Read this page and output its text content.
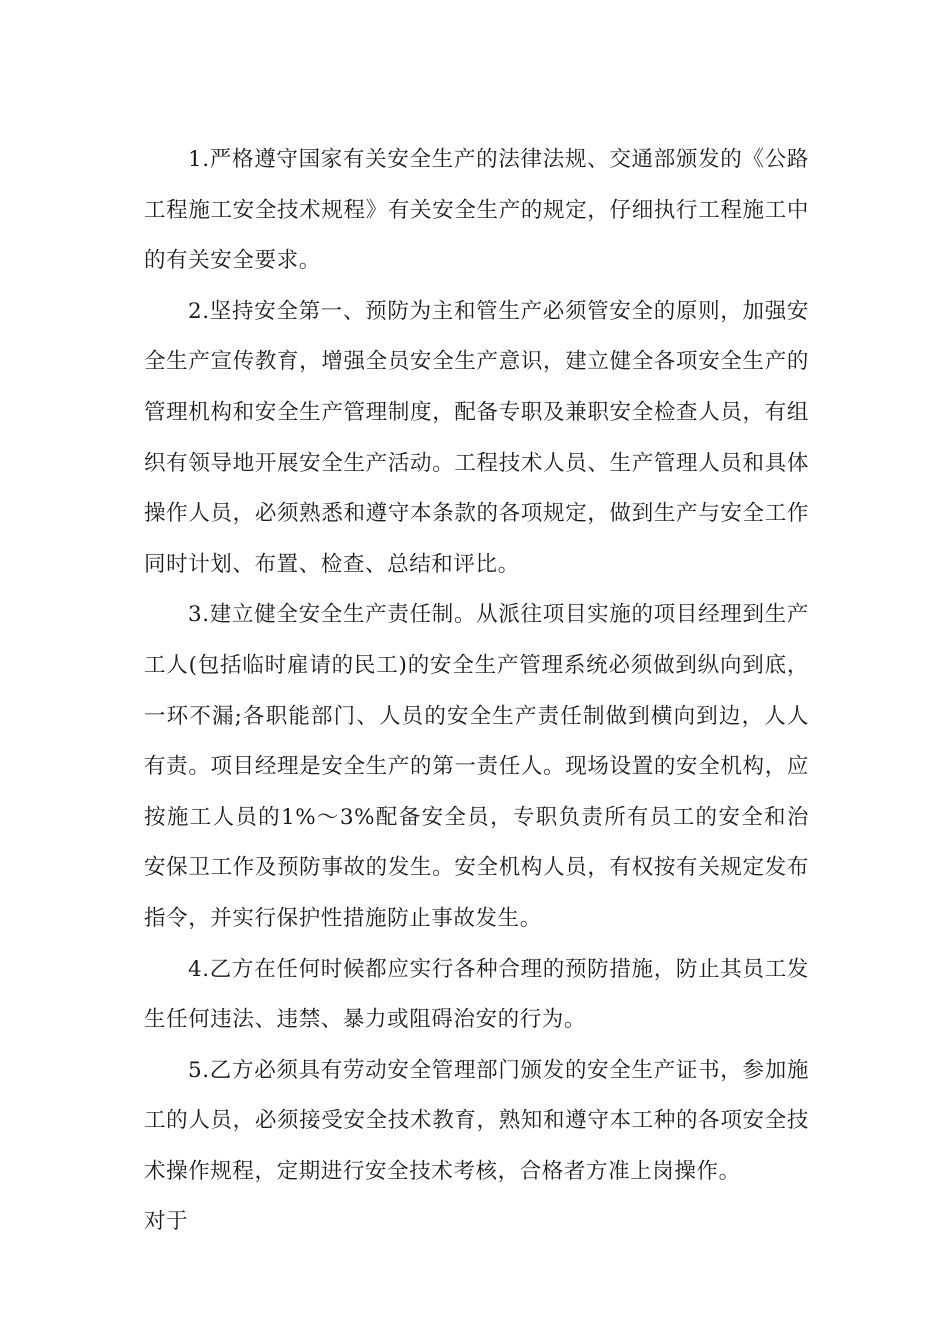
1.严格遵守国家有关安全生产的法律法规、交通部颁发的《公路工程施工安全技术规程》有关安全生产的规定，仔细执行工程施工中的有关安全要求。

2.坚持安全第一、预防为主和管生产必须管安全的原则，加强安全生产宣传教育，增强全员安全生产意识，建立健全各项安全生产的管理机构和安全生产管理制度，配备专职及兼职安全检查人员，有组织有领导地开展安全生产活动。工程技术人员、生产管理人员和具体操作人员，必须熟悉和遵守本条款的各项规定，做到生产与安全工作同时计划、布置、检查、总结和评比。

3.建立健全安全生产责任制。从派往项目实施的项目经理到生产工人(包括临时雇请的民工)的安全生产管理系统必须做到纵向到底，一环不漏;各职能部门、人员的安全生产责任制做到横向到边，人人有责。项目经理是安全生产的第一责任人。现场设置的安全机构，应按施工人员的1%～3%配备安全员，专职负责所有员工的安全和治安保卫工作及预防事故的发生。安全机构人员，有权按有关规定发布指令，并实行保护性措施防止事故发生。

4.乙方在任何时候都应实行各种合理的预防措施，防止其员工发生任何违法、违禁、暴力或阻碍治安的行为。

5.乙方必须具有劳动安全管理部门颁发的安全生产证书，参加施工的人员，必须接受安全技术教育，熟知和遵守本工种的各项安全技术操作规程，定期进行安全技术考核，合格者方准上岗操作。

对于
